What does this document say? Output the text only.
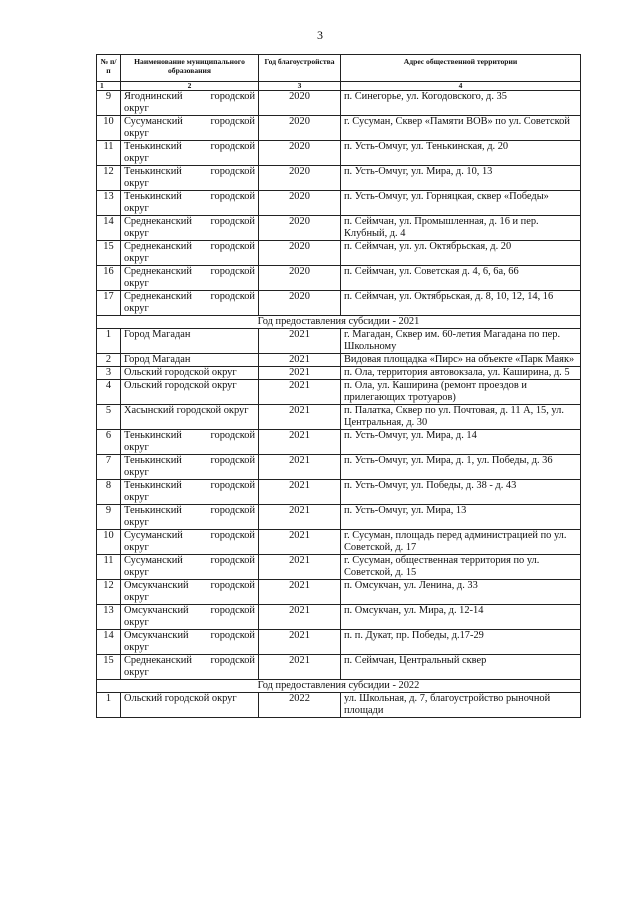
3
№ п/п	Наименование муниципального образования	Год благоустройства	Адрес общественной территории
1	2	3	4
9	Ягоднинский городской округ	2020	п. Синегорье, ул. Когодовского, д. 35
10	Сусуманский городской округ	2020	г. Сусуман, Сквер «Памяти ВОВ» по ул. Советской
11	Тенькинский городской округ	2020	п. Усть-Омчуг, ул. Тенькинская, д. 20
12	Тенькинский городской округ	2020	п. Усть-Омчуг, ул. Мира, д. 10, 13
13	Тенькинский городской округ	2020	п. Усть-Омчуг, ул. Горняцкая, сквер «Победы»
14	Среднеканский городской округ	2020	п. Сеймчан, ул. Промышленная, д. 16 и пер. Клубный, д. 4
15	Среднеканский городской округ	2020	п. Сеймчан, ул. ул. Октябрьская, д. 20
16	Среднеканский городской округ	2020	п. Сеймчан, ул. Советская д. 4, 6, 6а, 66
17	Среднеканский городской округ	2020	п. Сеймчан, ул. Октябрьская, д. 8, 10, 12, 14, 16
Год предоставления субсидии - 2021			
1	Город Магадан	2021	г. Магадан, Сквер им. 60-летия Магадана по пер. Школьному
2	Город Магадан	2021	Видовая площадка «Пирс» на объекте «Парк Маяк»
3	Ольский городской округ	2021	п. Ола, территория автовокзала, ул. Каширина, д. 5
4	Ольский городской округ	2021	п. Ола, ул. Каширина (ремонт проездов и прилегающих тротуаров)
5	Хасынский городской округ	2021	п. Палатка, Сквер по ул. Почтовая, д. 11 А, 15, ул. Центральная, д. 30
6	Тенькинский городской округ	2021	п. Усть-Омчуг, ул. Мира, д. 14
7	Тенькинский городской округ	2021	п. Усть-Омчуг, ул. Мира, д. 1, ул. Победы, д. 36
8	Тенькинский городской округ	2021	п. Усть-Омчуг, ул. Победы, д. 38 - д. 43
9	Тенькинский городской округ	2021	п. Усть-Омчуг, ул. Мира, 13
10	Сусуманский городской округ	2021	г. Сусуман, площадь перед администрацией по ул. Советской, д. 17
11	Сусуманский городской округ	2021	г. Сусуман, общественная территория по ул. Советской, д. 15
12	Омсукчанский городской округ	2021	п. Омсукчан, ул. Ленина, д. 33
13	Омсукчанский городской округ	2021	п. Омсукчан, ул. Мира, д. 12-14
14	Омсукчанский городской округ	2021	п. п. Дукат, пр. Победы, д.17-29
15	Среднеканский городской округ	2021	п. Сеймчан, Центральный сквер
Год предоставления субсидии - 2022			
1	Ольский городской округ	2022	ул. Школьная, д. 7, благоустройство рыночной площади
